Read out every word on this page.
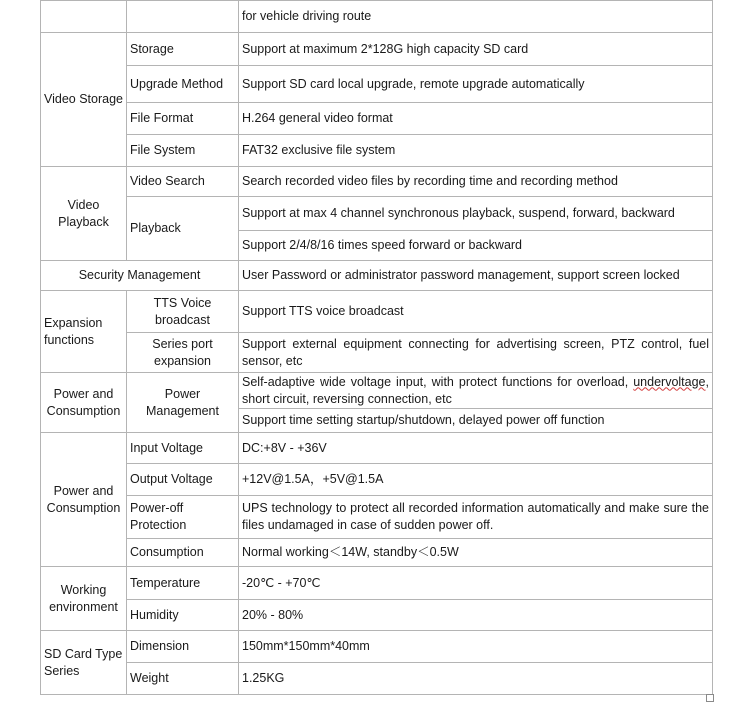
		for vehicle driving route
Video Storage	Storage	Support at maximum 2*128G high capacity SD card
	Upgrade Method	Support SD card local upgrade, remote upgrade automatically
	File Format	H.264 general video format
	File System	FAT32 exclusive file system
Video Playback	Video Search	Search recorded video files by recording time and recording method
	Playback	Support at max 4 channel synchronous playback, suspend, forward, backward
		Support 2/4/8/16 times speed forward or backward
Security Management		User Password or administrator password management, support screen locked
Expansion functions	TTS Voice broadcast	Support TTS voice broadcast
	Series port expansion	Support external equipment connecting for advertising screen, PTZ control, fuel sensor, etc
Power and Consumption	Power Management	Self-adaptive wide voltage input, with protect functions for overload, undervoltage, short circuit, reversing connection, etc
		Support time setting startup/shutdown, delayed power off function
Power and Consumption	Input Voltage	DC:+8V - +36V
	Output Voltage	+12V@1.5A，+5V@1.5A
	Power-off Protection	UPS technology to protect all recorded information automatically and make sure the files undamaged in case of sudden power off.
	Consumption	Normal working＜14W, standby＜0.5W
Working environment	Temperature	-20℃ - +70℃
	Humidity	20% - 80%
SD Card Type Series	Dimension	150mm*150mm*40mm
	Weight	1.25KG
